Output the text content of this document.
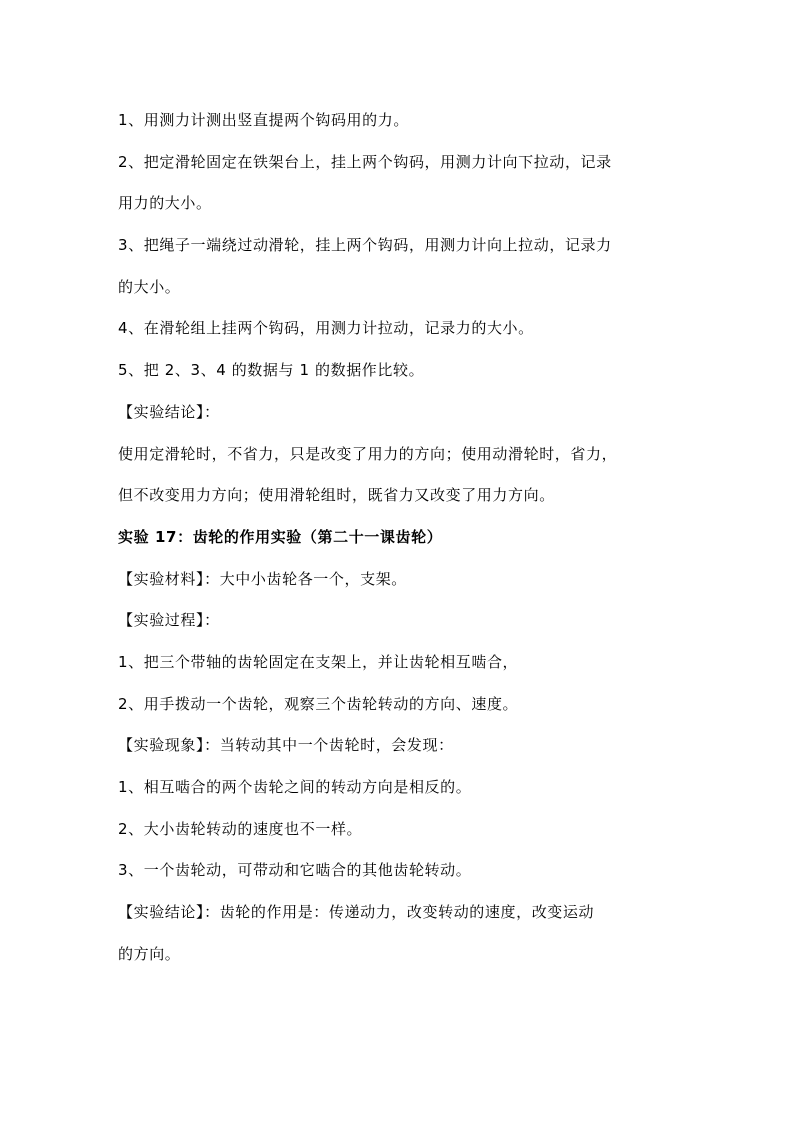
1、用测力计测出竖直提两个钩码用的力。
2、把定滑轮固定在铁架台上，挂上两个钩码，用测力计向下拉动，记录
用力的大小。
3、把绳子一端绕过动滑轮，挂上两个钩码，用测力计向上拉动，记录力
的大小。
4、在滑轮组上挂两个钩码，用测力计拉动，记录力的大小。
5、把 2、3、4 的数据与 1 的数据作比较。
【实验结论】：
使用定滑轮时，不省力，只是改变了用力的方向；使用动滑轮时，省力，
但不改变用力方向；使用滑轮组时，既省力又改变了用力方向。
实验 17：齿轮的作用实验（第二十一课齿轮）
【实验材料】：大中小齿轮各一个，支架。
【实验过程】：
1、把三个带轴的齿轮固定在支架上，并让齿轮相互啮合，
2、用手拨动一个齿轮，观察三个齿轮转动的方向、速度。
【实验现象】：当转动其中一个齿轮时，会发现：
1、相互啮合的两个齿轮之间的转动方向是相反的。
2、大小齿轮转动的速度也不一样。
3、一个齿轮动，可带动和它啮合的其他齿轮转动。
【实验结论】：齿轮的作用是：传递动力，改变转动的速度，改变运动
的方向。
